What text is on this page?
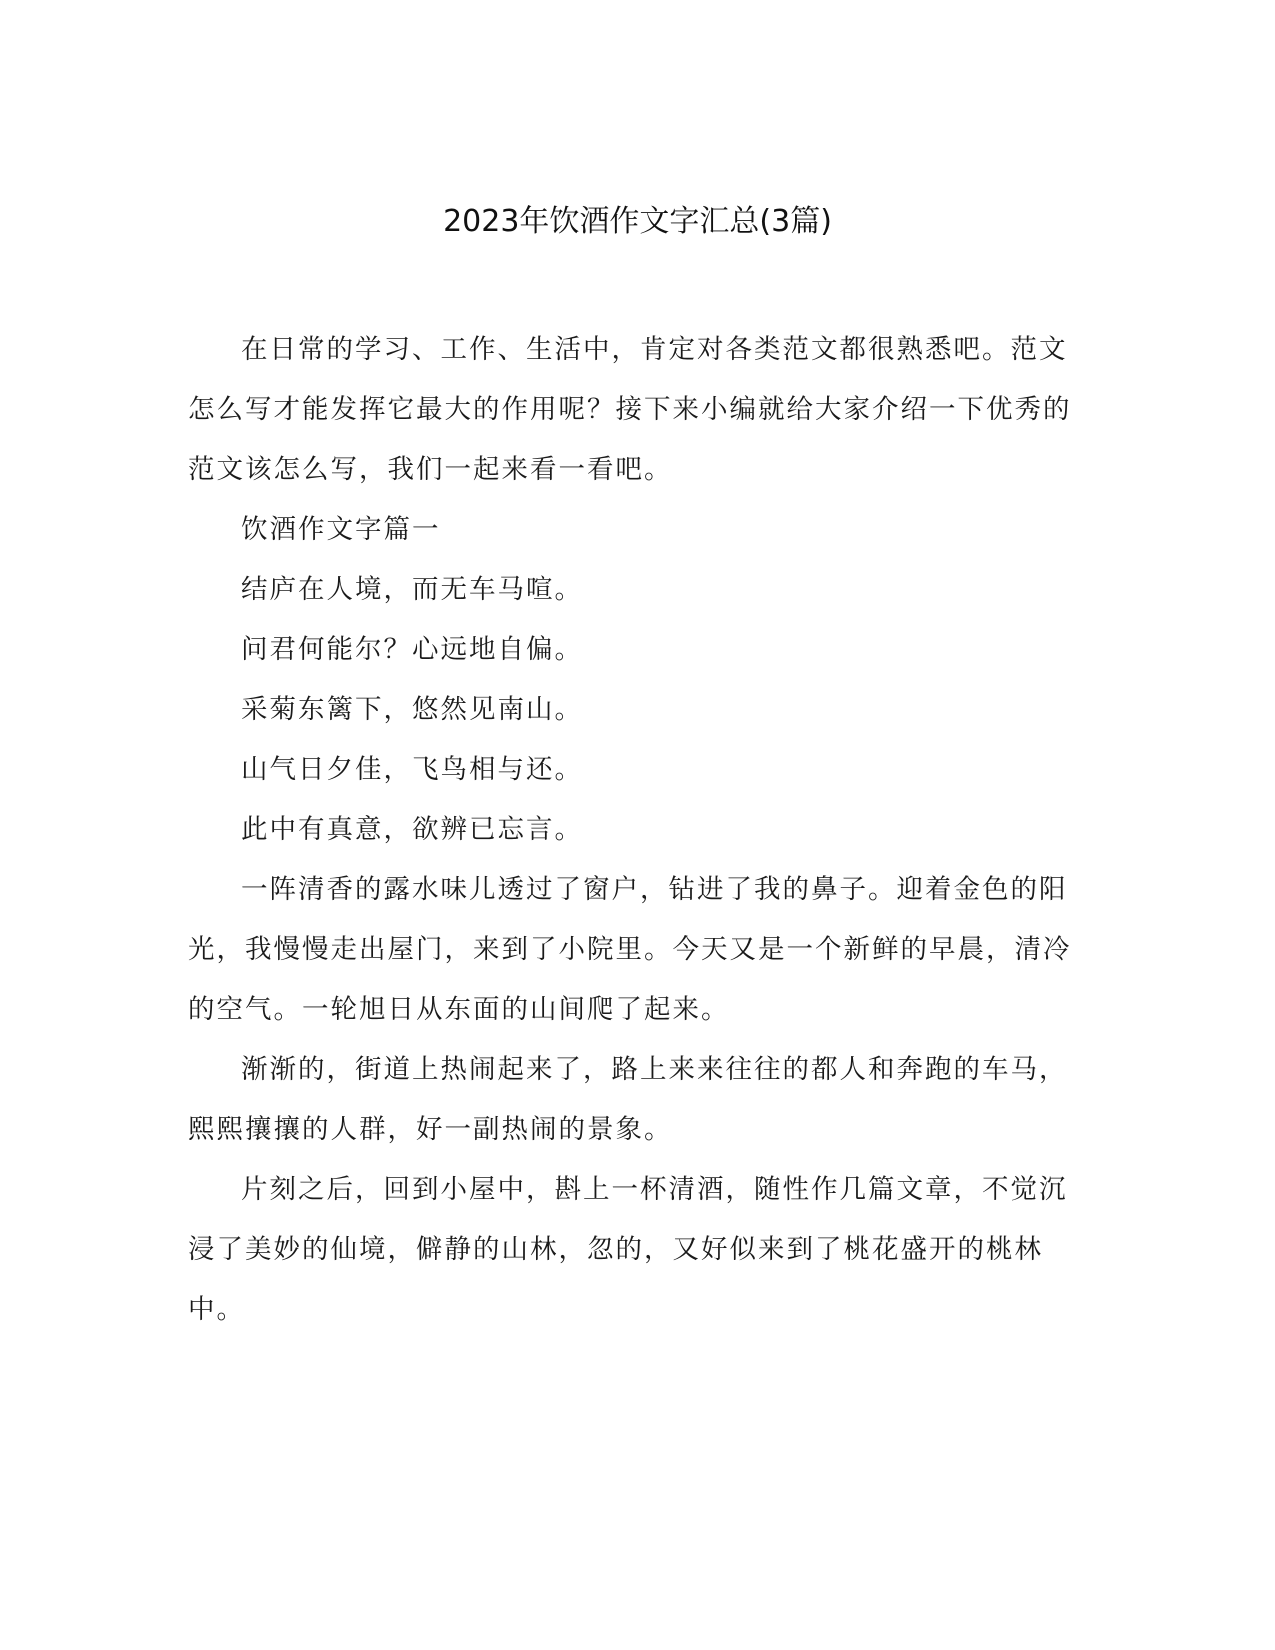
2023年饮酒作文字汇总(3篇)

在日常的学习、工作、生活中，肯定对各类范文都很熟悉吧。范文怎么写才能发挥它最大的作用呢？接下来小编就给大家介绍一下优秀的范文该怎么写，我们一起来看一看吧。

饮酒作文字篇一

结庐在人境，而无车马喧。

问君何能尔？心远地自偏。

采菊东篱下，悠然见南山。

山气日夕佳，飞鸟相与还。

此中有真意，欲辨已忘言。

一阵清香的露水味儿透过了窗户，钻进了我的鼻子。迎着金色的阳光，我慢慢走出屋门，来到了小院里。今天又是一个新鲜的早晨，清冷的空气。一轮旭日从东面的山间爬了起来。

渐渐的，街道上热闹起来了，路上来来往往的都人和奔跑的车马，熙熙攘攘的人群，好一副热闹的景象。

片刻之后，回到小屋中，斟上一杯清酒，随性作几篇文章，不觉沉浸了美妙的仙境，僻静的山林，忽的，又好似来到了桃花盛开的桃林中。
